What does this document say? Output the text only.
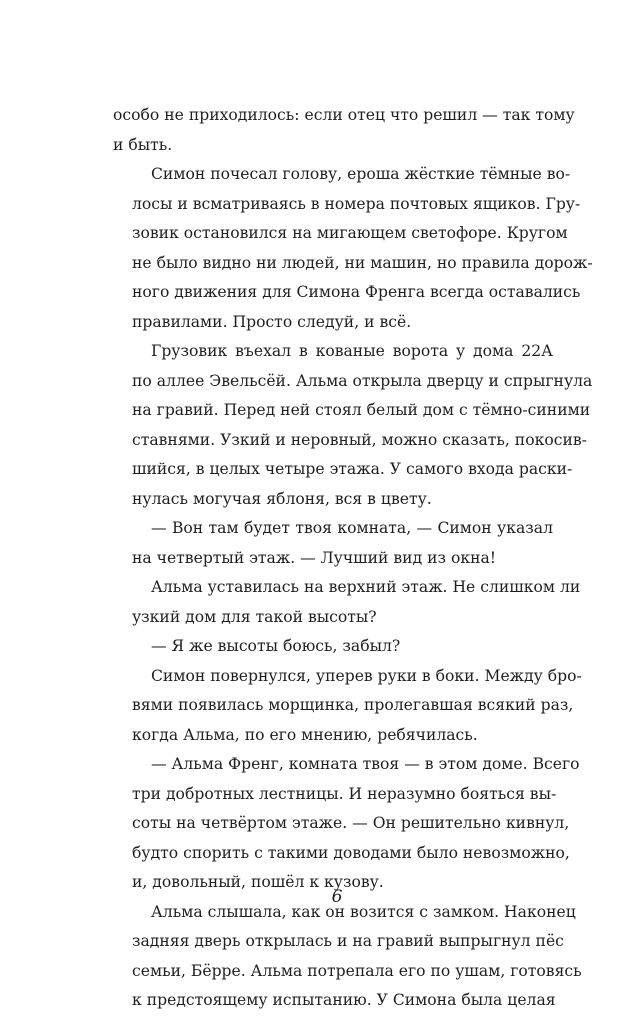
особо не приходилось: если отец что решил — так тому
и быть.
Симон почесал голову, ероша жёсткие тёмные во-
лосы и всматриваясь в номера почтовых ящиков. Гру-
зовик остановился на мигающем светофоре. Кругом
не было видно ни людей, ни машин, но правила дорож-
ного движения для Симона Френга всегда оставались
правилами. Просто следуй, и всё.
Грузовик въехал в кованые ворота у дома 22А
по аллее Эвельсёй. Альма открыла дверцу и спрыгнула
на гравий. Перед ней стоял белый дом с тёмно-синими
ставнями. Узкий и неровный, можно сказать, покосив-
шийся, в целых четыре этажа. У самого входа раски-
нулась могучая яблоня, вся в цвету.
— Вон там будет твоя комната, — Симон указал
на четвертый этаж. — Лучший вид из окна!
Альма уставилась на верхний этаж. Не слишком ли
узкий дом для такой высоты?
— Я же высоты боюсь, забыл?
Симон повернулся, уперев руки в боки. Между бро-
вями появилась морщинка, пролегавшая всякий раз,
когда Альма, по его мнению, ребячилась.
— Альма Френг, комната твоя — в этом доме. Всего
три добротных лестницы. И неразумно бояться вы-
соты на четвёртом этаже. — Он решительно кивнул,
будто спорить с такими доводами было невозможно,
и, довольный, пошёл к кузову.
Альма слышала, как он возится с замком. Наконец
задняя дверь открылась и на гравий выпрыгнул пёс
семьи, Бёрре. Альма потрепала его по ушам, готовясь
к предстоящему испытанию. У Симона была целая
6
